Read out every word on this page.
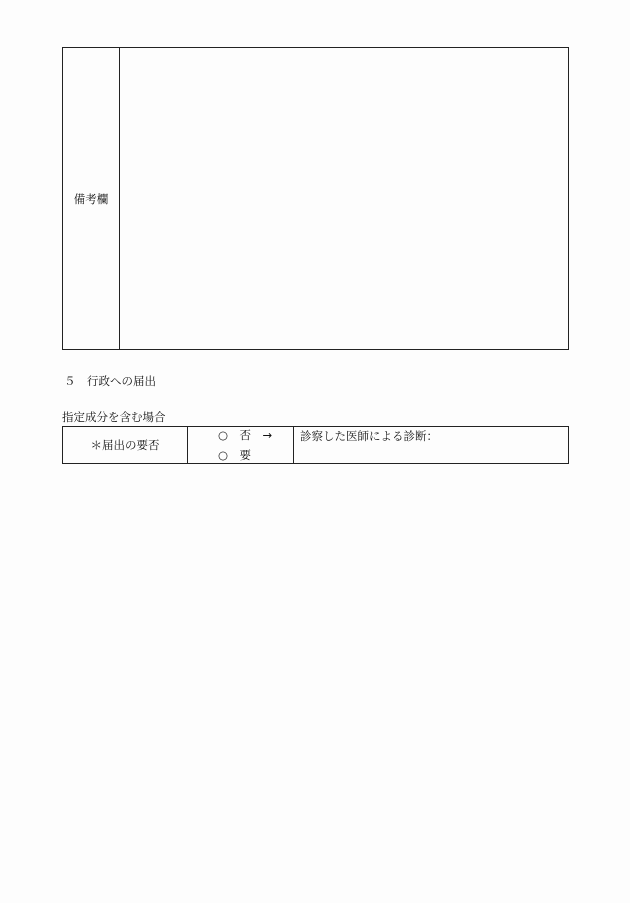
備考欄
５　行政への届出
指定成分を含む場合
＊届出の要否
○　否　→
○　要
診察した医師による診断：
